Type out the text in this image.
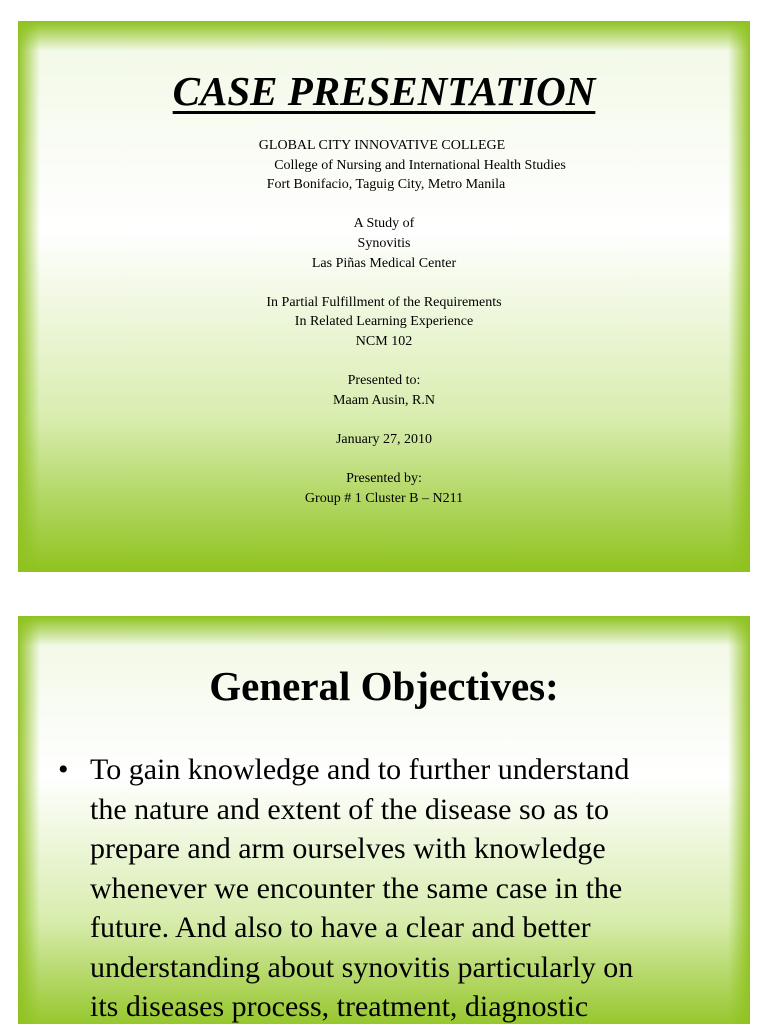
CASE PRESENTATION
GLOBAL CITY INNOVATIVE COLLEGE
College of Nursing and International Health Studies
Fort Bonifacio, Taguig City, Metro Manila
A Study of
Synovitis
Las Piñas Medical Center
In Partial Fulfillment of the Requirements
In Related Learning Experience
NCM 102
Presented to:
Maam Ausin, R.N
January 27, 2010
Presented by:
Group # 1 Cluster B – N211
General Objectives:
• To gain knowledge and to further understand
the nature and extent of the disease so as to
prepare and arm ourselves with knowledge
whenever we encounter the same case in the
future. And also to have a clear and better
understanding about synovitis particularly on
its diseases process, treatment, diagnostic
